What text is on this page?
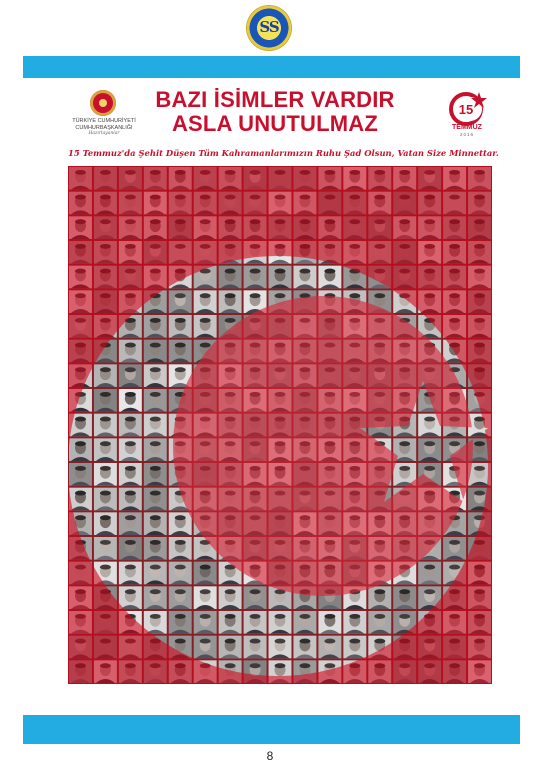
SS
TÜRKİYE CUMHURİYETİ
CUMHURBAŞKANLIĞI
Hazırlayanlar
BAZI İSİMLER VARDIR
ASLA UNUTULMAZ
15
TEMMUZ
2016
15 Temmuz'da Şehit Düşen Tüm Kahramanlarımızın Ruhu Şad Olsun, Vatan Size Minnettar.
8
